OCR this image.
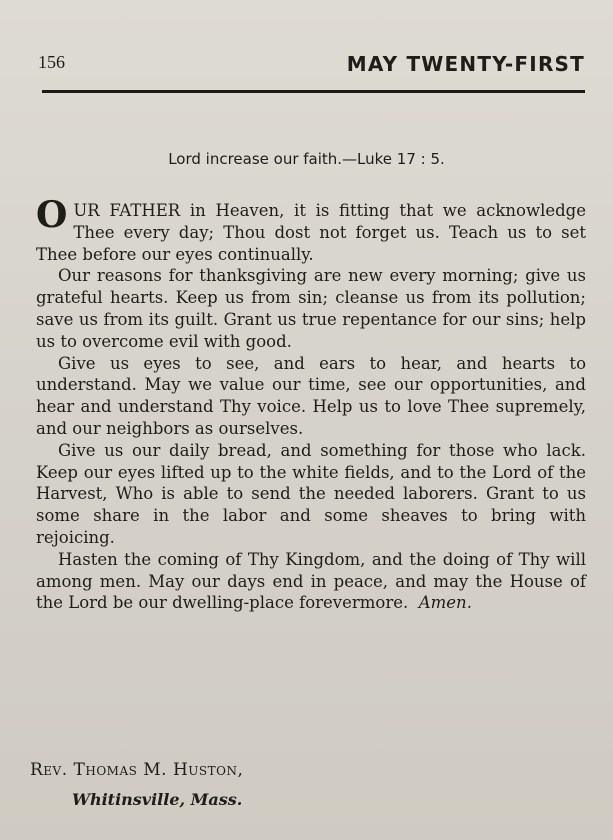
156	MAY TWENTY-FIRST
Lord increase our faith.—Luke 17 : 5.

OUR FATHER in Heaven, it is fitting that we acknowledge Thee every day; Thou dost not forget us. Teach us to set Thee before our eyes continually.

Our reasons for thanksgiving are new every morning; give us grateful hearts. Keep us from sin; cleanse us from its pollution; save us from its guilt. Grant us true repentance for our sins; help us to overcome evil with good.

Give us eyes to see, and ears to hear, and hearts to understand. May we value our time, see our opportunities, and hear and understand Thy voice. Help us to love Thee supremely, and our neighbors as ourselves.

Give us our daily bread, and something for those who lack. Keep our eyes lifted up to the white fields, and to the Lord of the Harvest, Who is able to send the needed laborers. Grant to us some share in the labor and some sheaves to bring with rejoicing.

Hasten the coming of Thy Kingdom, and the doing of Thy will among men. May our days end in peace, and may the House of the Lord be our dwelling-place forevermore. Amen.

Rev. Thomas M. Huston,
Whitinsville, Mass.
